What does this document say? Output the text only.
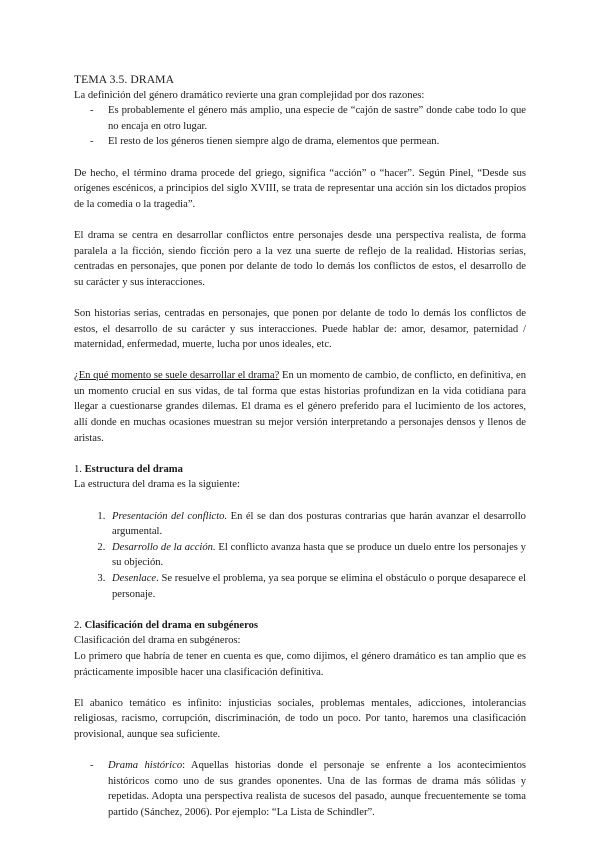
TEMA 3.5. DRAMA

La definición del género dramático revierte una gran complejidad por dos razones:

- Es probablemente el género más amplio, una especie de “cajón de sastre” donde cabe todo lo que no encaja en otro lugar.
- El resto de los géneros tienen siempre algo de drama, elementos que permean.

De hecho, el término drama procede del griego, significa “acción” o “hacer”. Según Pinel, “Desde sus orígenes escénicos, a principios del siglo XVIII, se trata de representar una acción sin los dictados propios de la comedia o la tragedia”.

El drama se centra en desarrollar conflictos entre personajes desde una perspectiva realista, de forma paralela a la ficción, siendo ficción pero a la vez una suerte de reflejo de la realidad. Historias serias, centradas en personajes, que ponen por delante de todo lo demás los conflictos de estos, el desarrollo de su carácter y sus interacciones.

Son historias serias, centradas en personajes, que ponen por delante de todo lo demás los conflictos de estos, el desarrollo de su carácter y sus interacciones. Puede hablar de: amor, desamor, paternidad / maternidad, enfermedad, muerte, lucha por unos ideales, etc.

¿En qué momento se suele desarrollar el drama? En un momento de cambio, de conflicto, en definitiva, en un momento crucial en sus vidas, de tal forma que estas historias profundizan en la vida cotidiana para llegar a cuestionarse grandes dilemas. El drama es el género preferido para el lucimiento de los actores, allí donde en muchas ocasiones muestran su mejor versión interpretando a personajes densos y llenos de aristas.

1. Estructura del drama

La estructura del drama es la siguiente:

1. Presentación del conflicto. En él se dan dos posturas contrarias que harán avanzar el desarrollo argumental.
2. Desarrollo de la acción. El conflicto avanza hasta que se produce un duelo entre los personajes y su objeción.
3. Desenlace. Se resuelve el problema, ya sea porque se elimina el obstáculo o porque desaparece el personaje.

2. Clasificación del drama en subgéneros

Clasificación del drama en subgéneros:

Lo primero que habría de tener en cuenta es que, como dijimos, el género dramático es tan amplio que es prácticamente imposible hacer una clasificación definitiva.

El abanico temático es infinito: injusticias sociales, problemas mentales, adicciones, intolerancias religiosas, racismo, corrupción, discriminación, de todo un poco. Por tanto, haremos una clasificación provisional, aunque sea suficiente.

- Drama histórico: Aquellas historias donde el personaje se enfrente a los acontecimientos históricos como uno de sus grandes oponentes. Una de las formas de drama más sólidas y repetidas. Adopta una perspectiva realista de sucesos del pasado, aunque frecuentemente se toma partido (Sánchez, 2006). Por ejemplo: “La Lista de Schindler”.
